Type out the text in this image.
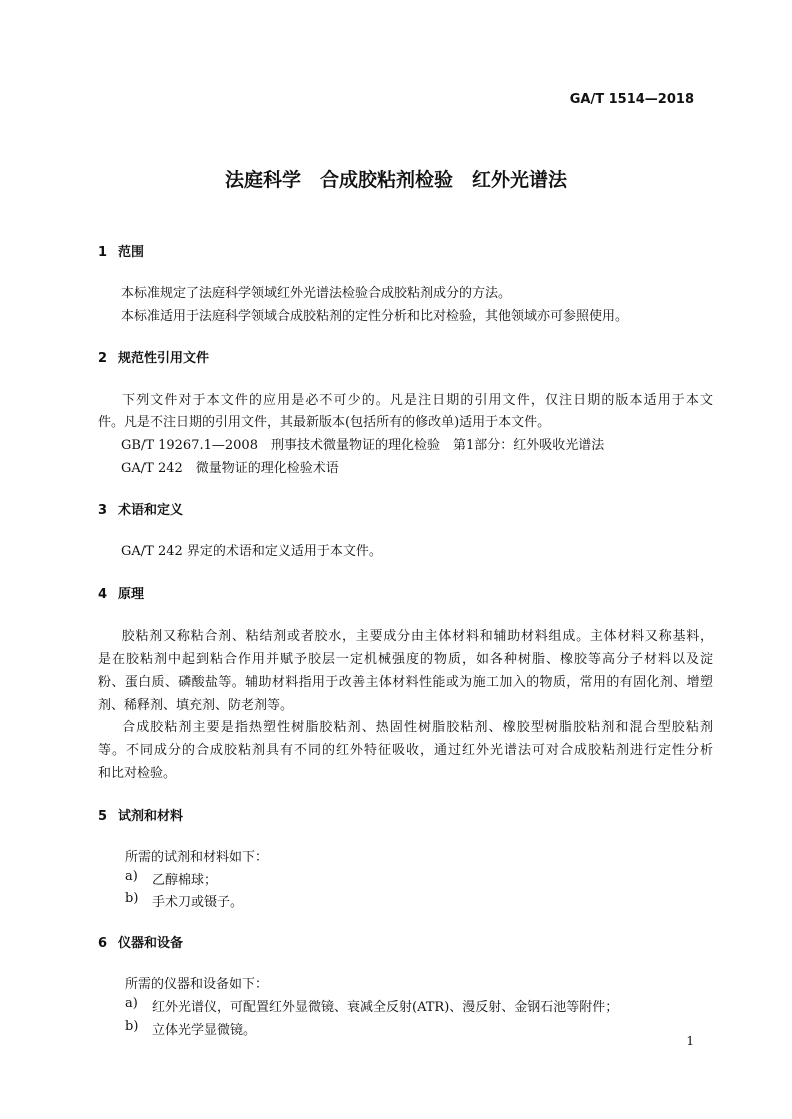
GA/T 1514—2018
法庭科学　合成胶粘剂检验　红外光谱法
1 范围
本标准规定了法庭科学领域红外光谱法检验合成胶粘剂成分的方法。
本标准适用于法庭科学领域合成胶粘剂的定性分析和比对检验，其他领域亦可参照使用。
2 规范性引用文件
下列文件对于本文件的应用是必不可少的。凡是注日期的引用文件，仅注日期的版本适用于本文
件。凡是不注日期的引用文件，其最新版本(包括所有的修改单)适用于本文件。
GB/T 19267.1—2008　刑事技术微量物证的理化检验　第1部分：红外吸收光谱法
GA/T 242　微量物证的理化检验术语
3 术语和定义
GA/T 242 界定的术语和定义适用于本文件。
4 原理
胶粘剂又称粘合剂、粘结剂或者胶水，主要成分由主体材料和辅助材料组成。主体材料又称基料，
是在胶粘剂中起到粘合作用并赋予胶层一定机械强度的物质，如各种树脂、橡胶等高分子材料以及淀
粉、蛋白质、磷酸盐等。辅助材料指用于改善主体材料性能或为施工加入的物质，常用的有固化剂、增塑
剂、稀释剂、填充剂、防老剂等。
合成胶粘剂主要是指热塑性树脂胶粘剂、热固性树脂胶粘剂、橡胶型树脂胶粘剂和混合型胶粘剂
等。不同成分的合成胶粘剂具有不同的红外特征吸收，通过红外光谱法可对合成胶粘剂进行定性分析
和比对检验。
5 试剂和材料
所需的试剂和材料如下：
a) 乙醇棉球；
b) 手术刀或镊子。
6 仪器和设备
所需的仪器和设备如下：
a) 红外光谱仪，可配置红外显微镜、衰减全反射(ATR)、漫反射、金钢石池等附件；
b) 立体光学显微镜。
1
